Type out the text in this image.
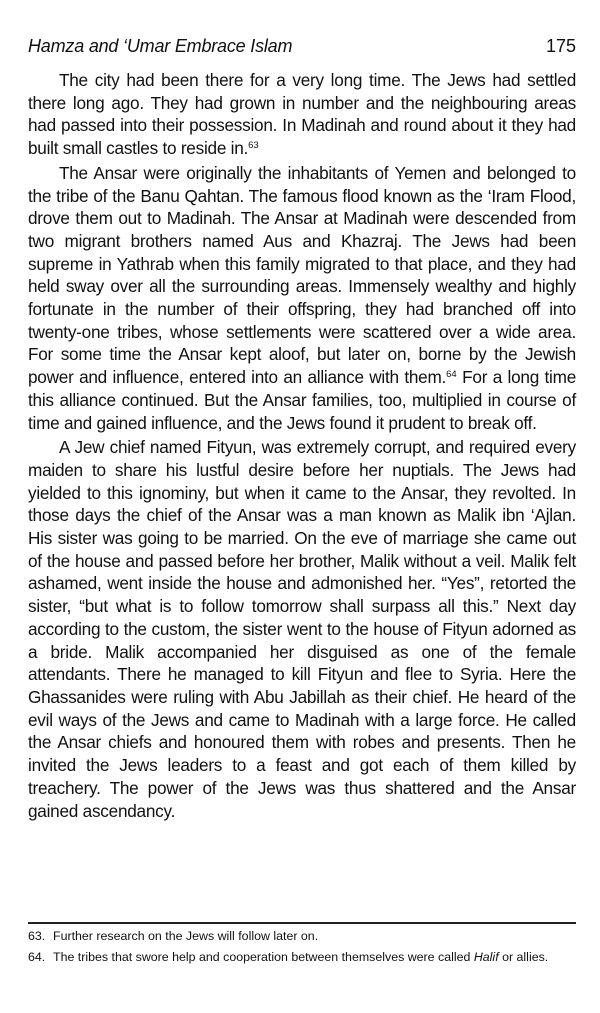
Hamza and ‘Umar Embrace Islam	175

The city had been there for a very long time. The Jews had settled there long ago. They had grown in number and the neighbouring areas had passed into their possession. In Madinah and round about it they had built small castles to reside in.$^{63}$

The Ansar were originally the inhabitants of Yemen and belonged to the tribe of the Banu Qahtan. The famous flood known as the ‘Iram Flood, drove them out to Madinah. The Ansar at Madinah were descended from two migrant brothers named Aus and Khazraj. The Jews had been supreme in Yathrab when this family migrated to that place, and they had held sway over all the surrounding areas. Immensely wealthy and highly fortunate in the number of their offspring, they had branched off into twenty-one tribes, whose settlements were scattered over a wide area. For some time the Ansar kept aloof, but later on, borne by the Jewish power and influence, entered into an alliance with them.$^{64}$ For a long time this alliance continued. But the Ansar families, too, multiplied in course of time and gained influence, and the Jews found it prudent to break off.

A Jew chief named Fityun, was extremely corrupt, and required every maiden to share his lustful desire before her nuptials. The Jews had yielded to this ignominy, but when it came to the Ansar, they revolted. In those days the chief of the Ansar was a man known as Malik ibn ‘Ajlan. His sister was going to be married. On the eve of marriage she came out of the house and passed before her brother, Malik without a veil. Malik felt ashamed, went inside the house and admonished her. “Yes”, retorted the sister, “but what is to follow tomorrow shall surpass all this.” Next day according to the custom, the sister went to the house of Fityun adorned as a bride. Malik accompanied her disguised as one of the female attendants. There he managed to kill Fityun and flee to Syria. Here the Ghassanides were ruling with Abu Jabillah as their chief. He heard of the evil ways of the Jews and came to Madinah with a large force. He called the Ansar chiefs and honoured them with robes and presents. Then he invited the Jews leaders to a feast and got each of them killed by treachery. The power of the Jews was thus shattered and the Ansar gained ascendancy.

63. Further research on the Jews will follow later on.

64. The tribes that swore help and cooperation between themselves were called Halif or allies.
